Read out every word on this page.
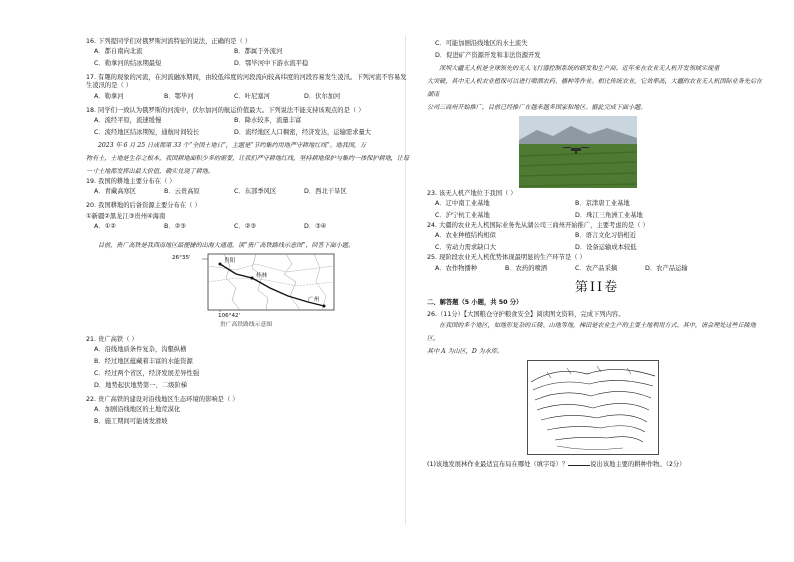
16. 下列提同学们对俄罗斯河流特征的说法，正确的是（ ）

A．都自南向北流	B．都属于外流河
C．勒拿河的结冰期最短	D．鄂毕河中下游水流平稳

17. 有趣的现象的河流，在河流融冰期间，由较低纬度的河段流向较高纬度的河段容易发生凌汛。下列河流不容易发

生凌汛的是（ ）

A．勒拿河	B．鄂毕河	C．叶尼塞河	D．伏尔加河

18. 同学们一致认为俄罗斯的河流中，伏尔加河的航运价值最大。下列说法不能支持该观点的是（ ）

A．流经平原，流速缓慢	B．降水较多，流量丰富
C．流经地区结冰期短，通航时间较长	D．流经地区人口稠密，经济发达，运输需求量大

2023 年 6 月 25 日成都第 33 个“全国土地日”，主题是“节约集约用地严守耕地红线”。地我国，万

物有土，土地是生存之根本，我国耕地面积少多的需要，让我们严守耕地红线，坚持耕地保护与集约一体保护耕地，让每

一寸土地都发挥出最大价值，确实兑现了耕地。

19. 我国的耕地主要分布在（ ）

A．青藏高寒区	B．云贵高原	C．东部季风区	D．西北干旱区

20. 我国耕地的后备资源主要分布在（ ）

①新疆②黑龙江③贵州④海南

A．①②	B．②③	C．②③	D．③④

目前，贵广高铁是我西南地区最便捷的出海大通道。读“贵广高铁路线示意图”，回答下面小题。

26°35'	贵阳
桂林
广州
106°42'
贵广高铁路线示意图

21. 贵广高铁（ ）

A．沿线地质条件复杂，沟壑纵横
B．经过地区蕴藏着丰富的水能资源
C．经过两个省区，经济发展差异性强
D．地势起伏地势第一、二级阶梯

22. 贵广高铁的建设对沿线地区生态环境的影响是（ ）

A．加剧沿线地区的土地荒漠化
B．施工期间可能诱发滑坡
C．可能加剧沿线地区的水土流失
D．促进矿产资源开发和非法资源开发

深圳大疆无人机是全球领先的无人飞行器控制系统的研发和生产商。近年来在农业无人机开发领域实现重

大突破，其中无人机农业植保可以进行喷洒农药、播种等作业。相比传统农业，它效率高，大疆的农业无人机国际业务先后在湖南

公司三商州开始推广，目前已经推广在越来越多国家和地区。据此完成下面小题。

23. 该无人机产地位于我国（ ）

A．辽中南工业基地	B．京津唐工业基地
C．沪宁杭工业基地	D．珠江三角洲工业基地

24. 大疆的农业无人机国际业务先从湖公司三商州开始推广，主要考虑的是（ ）

A．农业种植结构相似	B．语言文化习俗相近
C．劳动力需求缺口大	D．设备运输成本较低

25. 现阶段农业无人机优势体现最明显的生产环节是（ ）

A．农作物播种	B．农药的喷洒	C．农产品采摘	D．农产品运输
第II卷

二、解答题（5 小题，共 50 分）

26.（11分）【大国粮仓守护粮食安全】阅读图文资料，完成下列内容。

在我国的多个地区，如地形复杂的丘陵、山地等地，梯田是农业生产的主要土地利用方式。其中，请会理处这些丘陵地区，

其中 A 为山区，D 为水库。

(1)该地发展林作业最适宜布局在哪处（填字母）？	说出该地主要的耕种作物。（2分）
